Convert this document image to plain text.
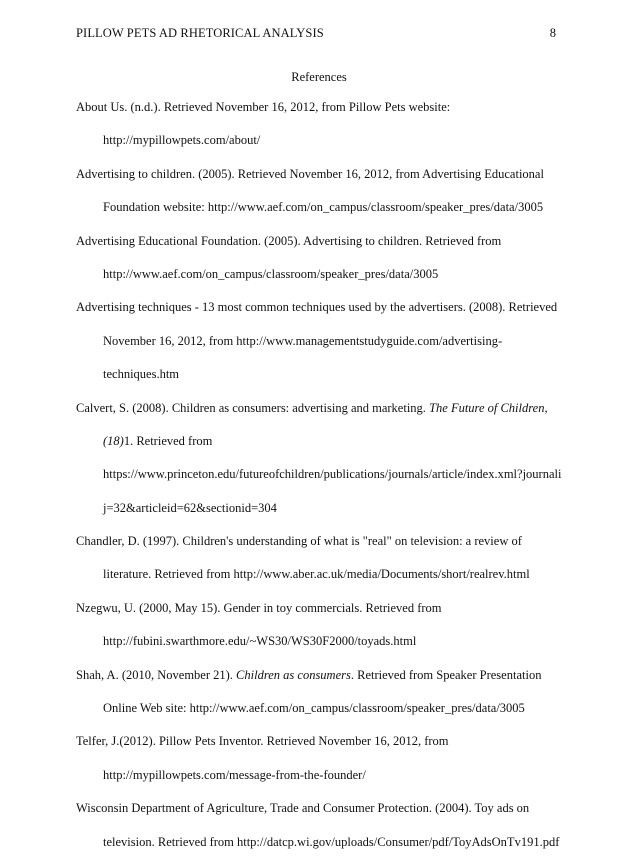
PILLOW PETS AD RHETORICAL ANALYSIS	8
References
About Us. (n.d.). Retrieved November 16, 2012, from Pillow Pets website:
http://mypillowpets.com/about/
Advertising to children. (2005). Retrieved November 16, 2012, from Advertising Educational
Foundation website: http://www.aef.com/on_campus/classroom/speaker_pres/data/3005
Advertising Educational Foundation. (2005). Advertising to children. Retrieved from
http://www.aef.com/on_campus/classroom/speaker_pres/data/3005
Advertising techniques - 13 most common techniques used by the advertisers. (2008). Retrieved
November 16, 2012, from http://www.managementstudyguide.com/advertising-
techniques.htm
Calvert, S. (2008). Children as consumers: advertising and marketing. The Future of Children,
(18)1. Retrieved from
https://www.princeton.edu/futureofchildren/publications/journals/article/index.xml?journali
j=32&articleid=62&sectionid=304
Chandler, D. (1997). Children's understanding of what is "real" on television: a review of
literature. Retrieved from http://www.aber.ac.uk/media/Documents/short/realrev.html
Nzegwu, U. (2000, May 15). Gender in toy commercials. Retrieved from
http://fubini.swarthmore.edu/~WS30/WS30F2000/toyads.html
Shah, A. (2010, November 21). Children as consumers. Retrieved from Speaker Presentation
Online Web site: http://www.aef.com/on_campus/classroom/speaker_pres/data/3005
Telfer, J.(2012). Pillow Pets Inventor. Retrieved November 16, 2012, from
http://mypillowpets.com/message-from-the-founder/
Wisconsin Department of Agriculture, Trade and Consumer Protection. (2004). Toy ads on
television. Retrieved from http://datcp.wi.gov/uploads/Consumer/pdf/ToyAdsOnTv191.pdf
